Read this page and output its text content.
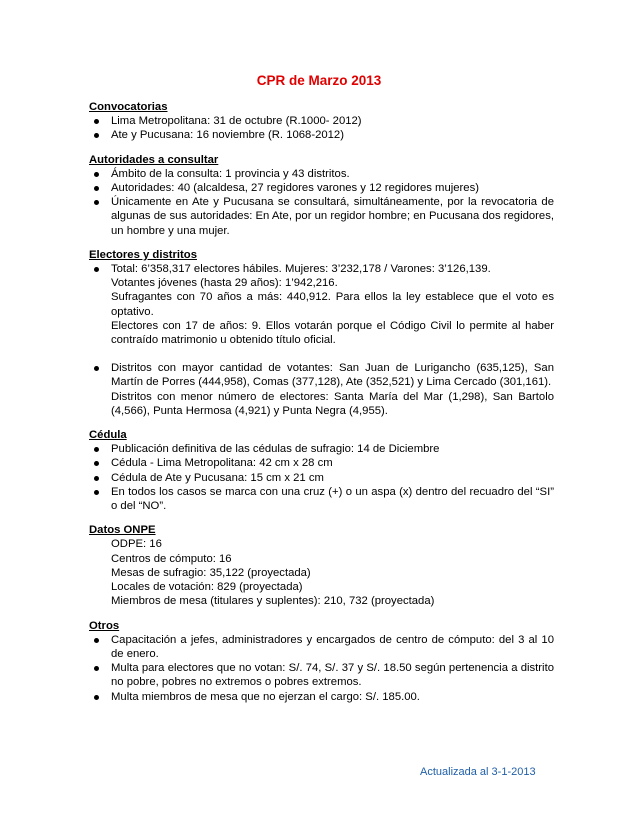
CPR de Marzo 2013
Convocatorias
Lima Metropolitana: 31 de octubre (R.1000- 2012)
Ate y Pucusana: 16 noviembre (R. 1068-2012)
Autoridades a consultar
Ámbito de la consulta: 1 provincia y 43 distritos.
Autoridades: 40 (alcaldesa, 27 regidores varones y 12 regidores mujeres)
Únicamente en Ate y Pucusana se consultará, simultáneamente, por la revocatoria de algunas de sus autoridades: En Ate, por un regidor hombre; en Pucusana dos regidores, un hombre y una mujer.
Electores y distritos
Total: 6’358,317 electores hábiles. Mujeres: 3’232,178 / Varones: 3’126,139.
Votantes jóvenes (hasta 29 años): 1’942,216.
Sufragantes con 70 años a más: 440,912. Para ellos la ley establece que el voto es optativo.
Electores con 17 de años: 9. Ellos votarán porque el Código Civil lo permite al haber contraído matrimonio u obtenido título oficial.
Distritos con mayor cantidad de votantes: San Juan de Lurigancho (635,125), San Martín de Porres (444,958), Comas (377,128), Ate (352,521) y Lima Cercado (301,161).
Distritos con menor número de electores: Santa María del Mar (1,298), San Bartolo (4,566), Punta Hermosa (4,921) y Punta Negra (4,955).
Cédula
Publicación definitiva de las cédulas de sufragio: 14 de Diciembre
Cédula - Lima Metropolitana: 42 cm x 28 cm
Cédula de Ate y Pucusana: 15 cm x 21 cm
En todos los casos se marca con una cruz (+) o un aspa (x) dentro del recuadro del “SI” o del “NO”.
Datos ONPE
ODPE: 16
Centros de cómputo: 16
Mesas de sufragio: 35,122 (proyectada)
Locales de votación: 829 (proyectada)
Miembros de mesa (titulares y suplentes): 210, 732 (proyectada)
Otros
Capacitación a jefes, administradores y encargados de centro de cómputo: del 3 al 10 de enero.
Multa para electores que no votan: S/. 74, S/. 37 y S/. 18.50 según pertenencia a distrito no pobre, pobres no extremos o pobres extremos.
Multa miembros de mesa que no ejerzan el cargo: S/. 185.00.
Actualizada al 3-1-2013
